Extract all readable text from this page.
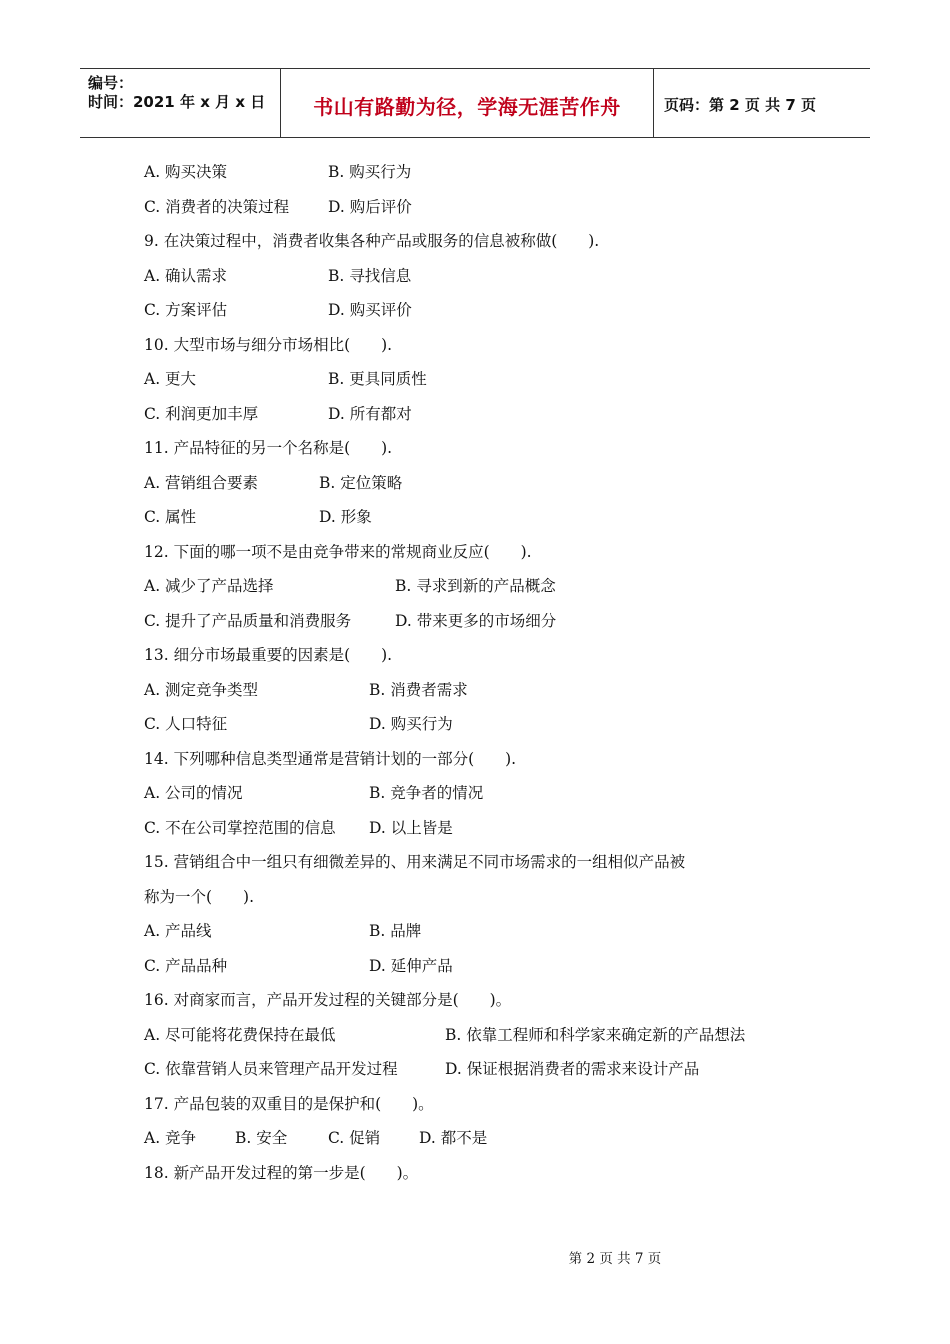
编号：
时间：2021 年 x 月 x 日	书山有路勤为径，学海无涯苦作舟	页码：第 2 页 共 7 页
A. 购买决策	B. 购买行为
C. 消费者的决策过程	D. 购后评价
9. 在决策过程中，消费者收集各种产品或服务的信息被称做(　　).
A. 确认需求	B. 寻找信息
C. 方案评估	D. 购买评价
10. 大型市场与细分市场相比(　　).
A. 更大	B. 更具同质性
C. 利润更加丰厚	D. 所有都对
11. 产品特征的另一个名称是(　　).
A. 营销组合要素	B. 定位策略
C. 属性	D. 形象
12. 下面的哪一项不是由竞争带来的常规商业反应(　　).
A. 减少了产品选择	B. 寻求到新的产品概念
C. 提升了产品质量和消费服务	D. 带来更多的市场细分
13. 细分市场最重要的因素是(　　).
A. 测定竞争类型	B. 消费者需求
C. 人口特征	D. 购买行为
14. 下列哪种信息类型通常是营销计划的一部分(　　).
A. 公司的情况	B. 竞争者的情况
C. 不在公司掌控范围的信息 D. 以上皆是
15. 营销组合中一组只有细微差异的、用来满足不同市场需求的一组相似产品被
称为一个(　　).
A. 产品线	B. 品牌
C. 产品品种	D. 延伸产品
16. 对商家而言，产品开发过程的关键部分是(　　)。
A. 尽可能将花费保持在最低	B. 依靠工程师和科学家来确定新的产品想法
C. 依靠营销人员来管理产品开发过程	D. 保证根据消费者的需求来设计产品
17. 产品包装的双重目的是保护和(　　)。
A. 竞争	B. 安全	C. 促销	D. 都不是
18. 新产品开发过程的第一步是(　　)。
第 2 页 共 7 页
